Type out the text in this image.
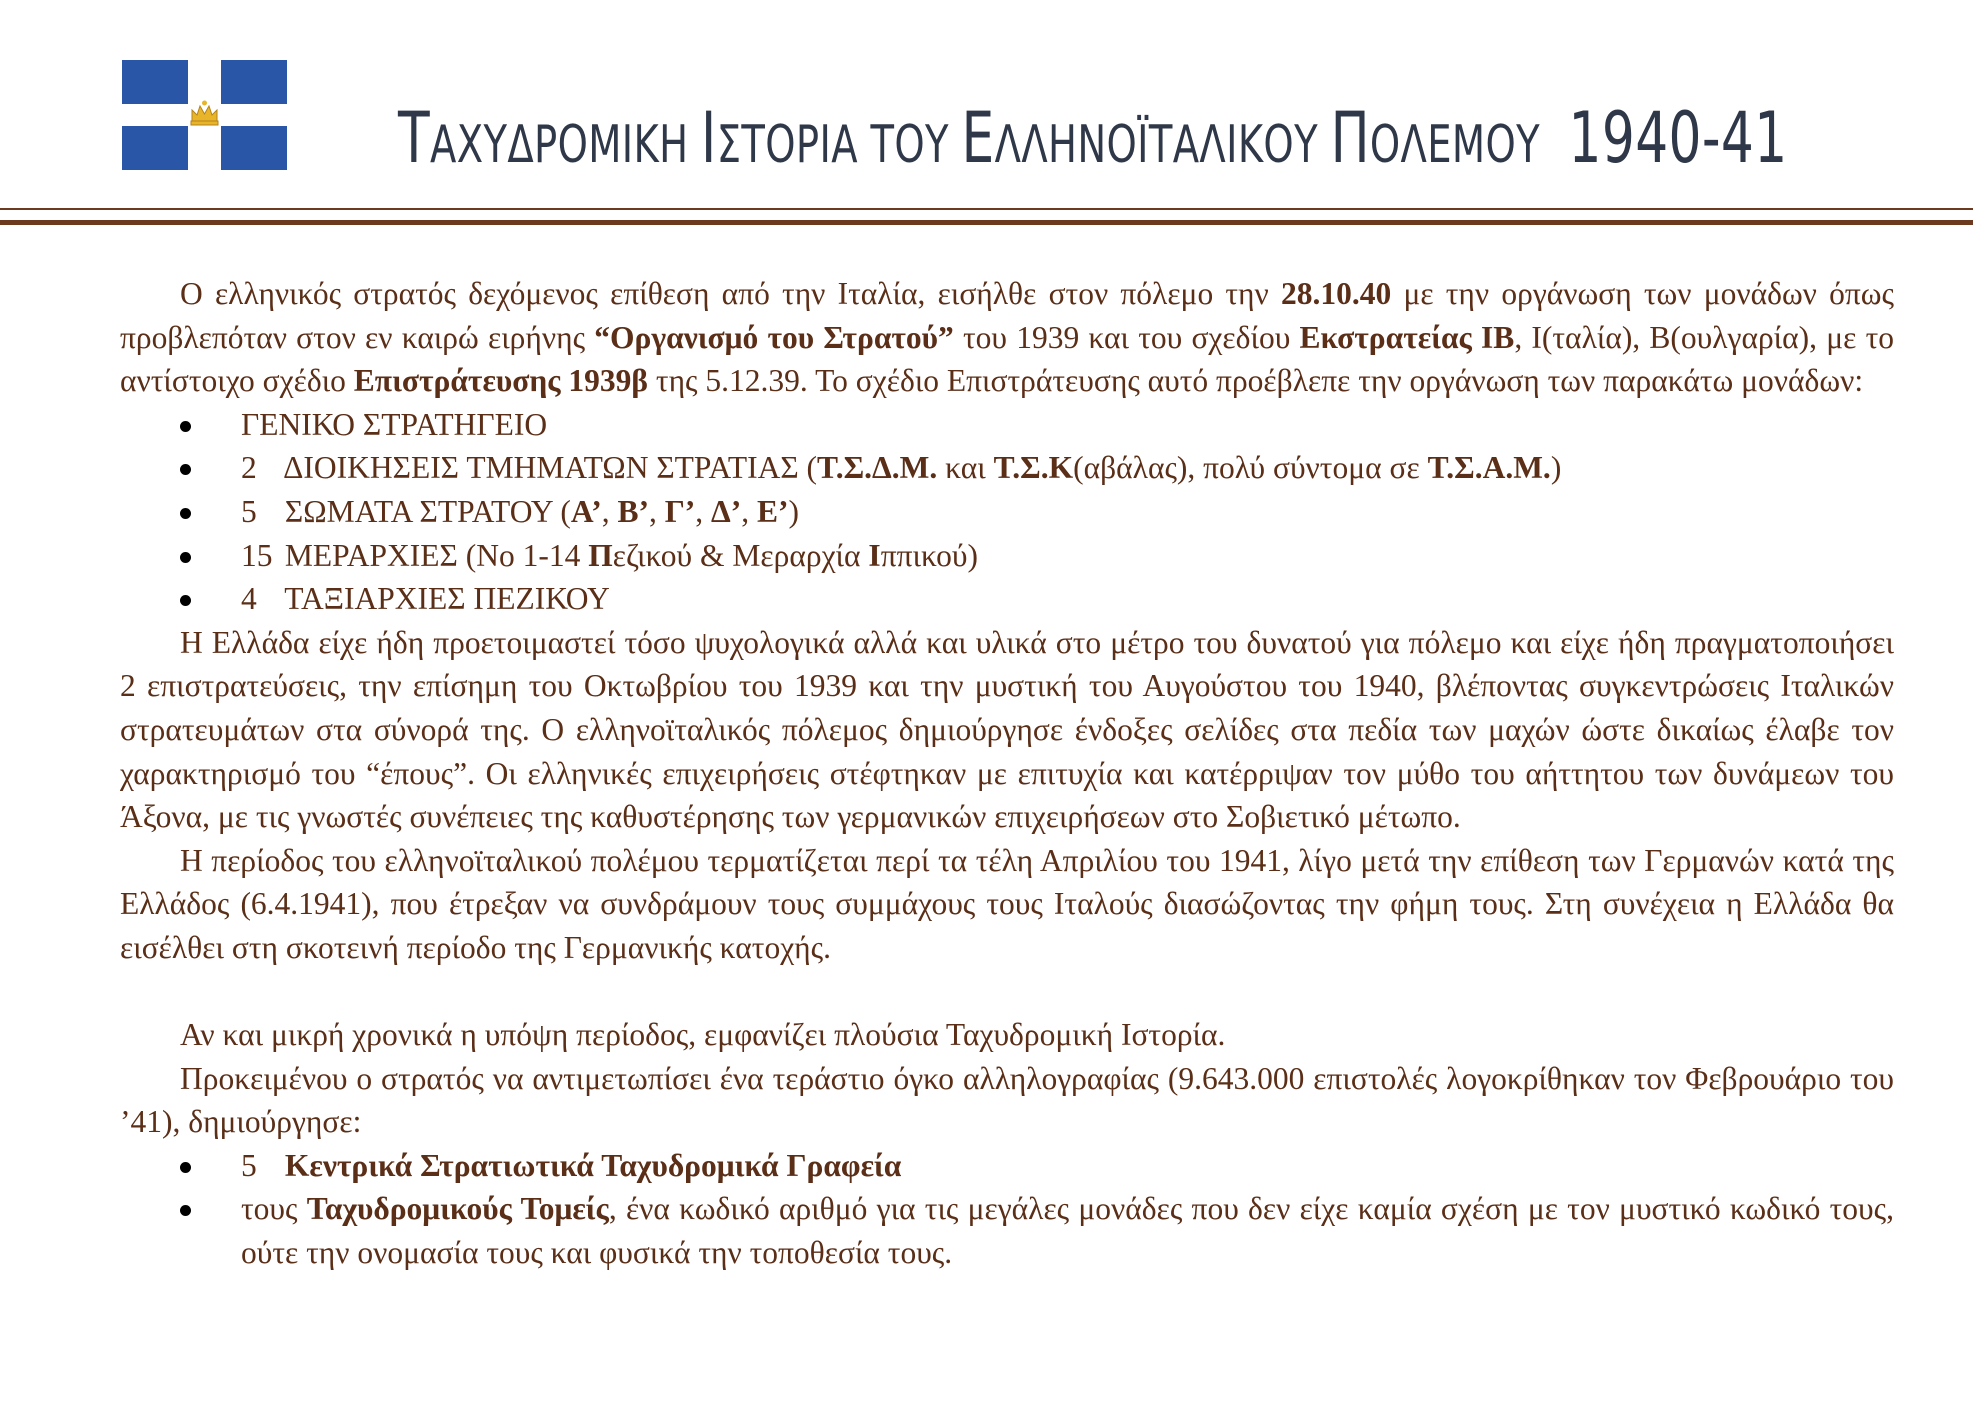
ΤΑΧΥΔΡΟΜΙΚΗ ΙΣΤΟΡΙΑ ΤΟΥ ΕΛΛΗΝΟΪΤΑΛΙΚΟΥ ΠΟΛΕΜΟΥ  1940-41

Ο ελληνικός στρατός δεχόμενος επίθεση από την Ιταλία, εισήλθε στον πόλεμο την 28.10.40 με την οργάνωση των μονάδων όπως προβλεπόταν στον εν καιρώ ειρήνης “Οργανισμό του Στρατού” του 1939 και του σχεδίου Εκστρατείας ΙΒ, Ι(ταλία), Β(ουλγαρία), με το αντίστοιχο σχέδιο Επιστράτευσης 1939β της 5.12.39. Το σχέδιο Επιστράτευσης αυτό προέβλεπε την οργάνωση των παρακάτω μονάδων:

ΓΕΝΙΚΟ ΣΤΡΑΤΗΓΕΙΟ
2 ΔΙΟΙΚΗΣΕΙΣ ΤΜΗΜΑΤΩΝ ΣΤΡΑΤΙΑΣ (Τ.Σ.Δ.Μ. και Τ.Σ.Κ(αβάλας), πολύ σύντομα σε Τ.Σ.Α.Μ.)
5 ΣΩΜΑΤΑ ΣΤΡΑΤΟΥ (Α’, Β’, Γ’, Δ’, Ε’)
15 ΜΕΡΑΡΧΙΕΣ (Νο 1-14 Πεζικού & Μεραρχία Ιππικού)
4 ΤΑΞΙΑΡΧΙΕΣ ΠΕΖΙΚΟΥ

Η Ελλάδα είχε ήδη προετοιμαστεί τόσο ψυχολογικά αλλά και υλικά στο μέτρο του δυνατού για πόλεμο και είχε ήδη πραγματοποιήσει 2 επιστρατεύσεις, την επίσημη του Οκτωβρίου του 1939 και την μυστική του Αυγούστου του 1940, βλέποντας συγκεντρώσεις Ιταλικών στρατευμάτων στα σύνορά της. Ο ελληνοϊταλικός πόλεμος δημιούργησε ένδοξες σελίδες στα πεδία των μαχών ώστε δικαίως έλαβε τον χαρακτηρισμό του “έπους”. Οι ελληνικές επιχειρήσεις στέφτηκαν με επιτυχία και κατέρριψαν τον μύθο του αήττητου των δυνάμεων του Άξονα, με τις γνωστές συνέπειες της καθυστέρησης των γερμανικών επιχειρήσεων στο Σοβιετικό μέτωπο.

Η περίοδος του ελληνοϊταλικού πολέμου τερματίζεται περί τα τέλη Απριλίου του 1941, λίγο μετά την επίθεση των Γερμανών κατά της Ελλάδος (6.4.1941), που έτρεξαν να συνδράμουν τους συμμάχους τους Ιταλούς διασώζοντας την φήμη τους. Στη συνέχεια η Ελλάδα θα εισέλθει στη σκοτεινή περίοδο της Γερμανικής κατοχής.

Αν και μικρή χρονικά η υπόψη περίοδος, εμφανίζει πλούσια Ταχυδρομική Ιστορία.

Προκειμένου ο στρατός να αντιμετωπίσει ένα τεράστιο όγκο αλληλογραφίας (9.643.000 επιστολές λογοκρίθηκαν τον Φεβρουάριο του ’41), δημιούργησε:

5 Κεντρικά Στρατιωτικά Ταχυδρομικά Γραφεία
τους Ταχυδρομικούς Τομείς, ένα κωδικό αριθμό για τις μεγάλες μονάδες που δεν είχε καμία σχέση με τον μυστικό κωδικό τους, ούτε την ονομασία τους και φυσικά την τοποθεσία τους.
